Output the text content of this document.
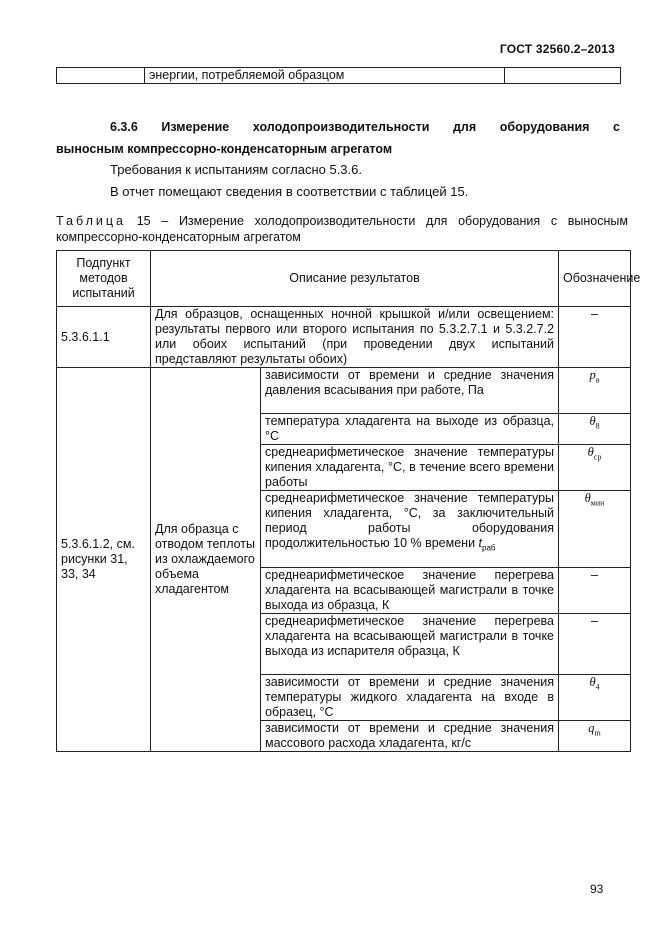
ГОСТ 32560.2–2013
	энергии, потребляемой образцом	
6.3.6 Измерение холодопроизводительности для оборудования с
выносным компрессорно-конденсаторным агрегатом
Требования к испытаниям согласно 5.3.6.
В отчет помещают сведения в соответствии с таблицей 15.
Таблица 15 – Измерение холодопроизводительности для оборудования с выносным компрессорно-конденсаторным агрегатом
Подпункт методов испытаний	Описание результатов		Обозначение
5.3.6.1.1	Для образцов, оснащенных ночной крышкой и/или освещением: результаты первого или второго испытания по 5.3.2.7.1 и 5.3.2.7.2 или обоих испытаний (при проведении двух испытаний представляют результаты обоих)		–
5.3.6.1.2, см. рисунки 31, 33, 34	Для образца с отводом теплоты из охлаждаемого объема хладагентом	зависимости от времени и средние значения давления всасывания при работе, Па	$p_в$
		температура хладагента на выходе из образца, °С	$\theta_8$
		среднеарифметическое значение температуры кипения хладагента, °С, в течение всего времени работы	$\theta_{ср}$
		среднеарифметическое значение температуры кипения хладагента, °С, за заключительный период работы оборудования продолжительностью 10 % времени $t_{раб}$	$\theta_{мин}$
		среднеарифметическое значение перегрева хладагента на всасывающей магистрали в точке выхода из образца, К	–
		среднеарифметическое значение перегрева хладагента на всасывающей магистрали в точке выхода из испарителя образца, К	–
		зависимости от времени и средние значения температуры жидкого хладагента на входе в образец, °С	$\theta_4$
		зависимости от времени и средние значения массового расхода хладагента, кг/с	$q_m$
93
